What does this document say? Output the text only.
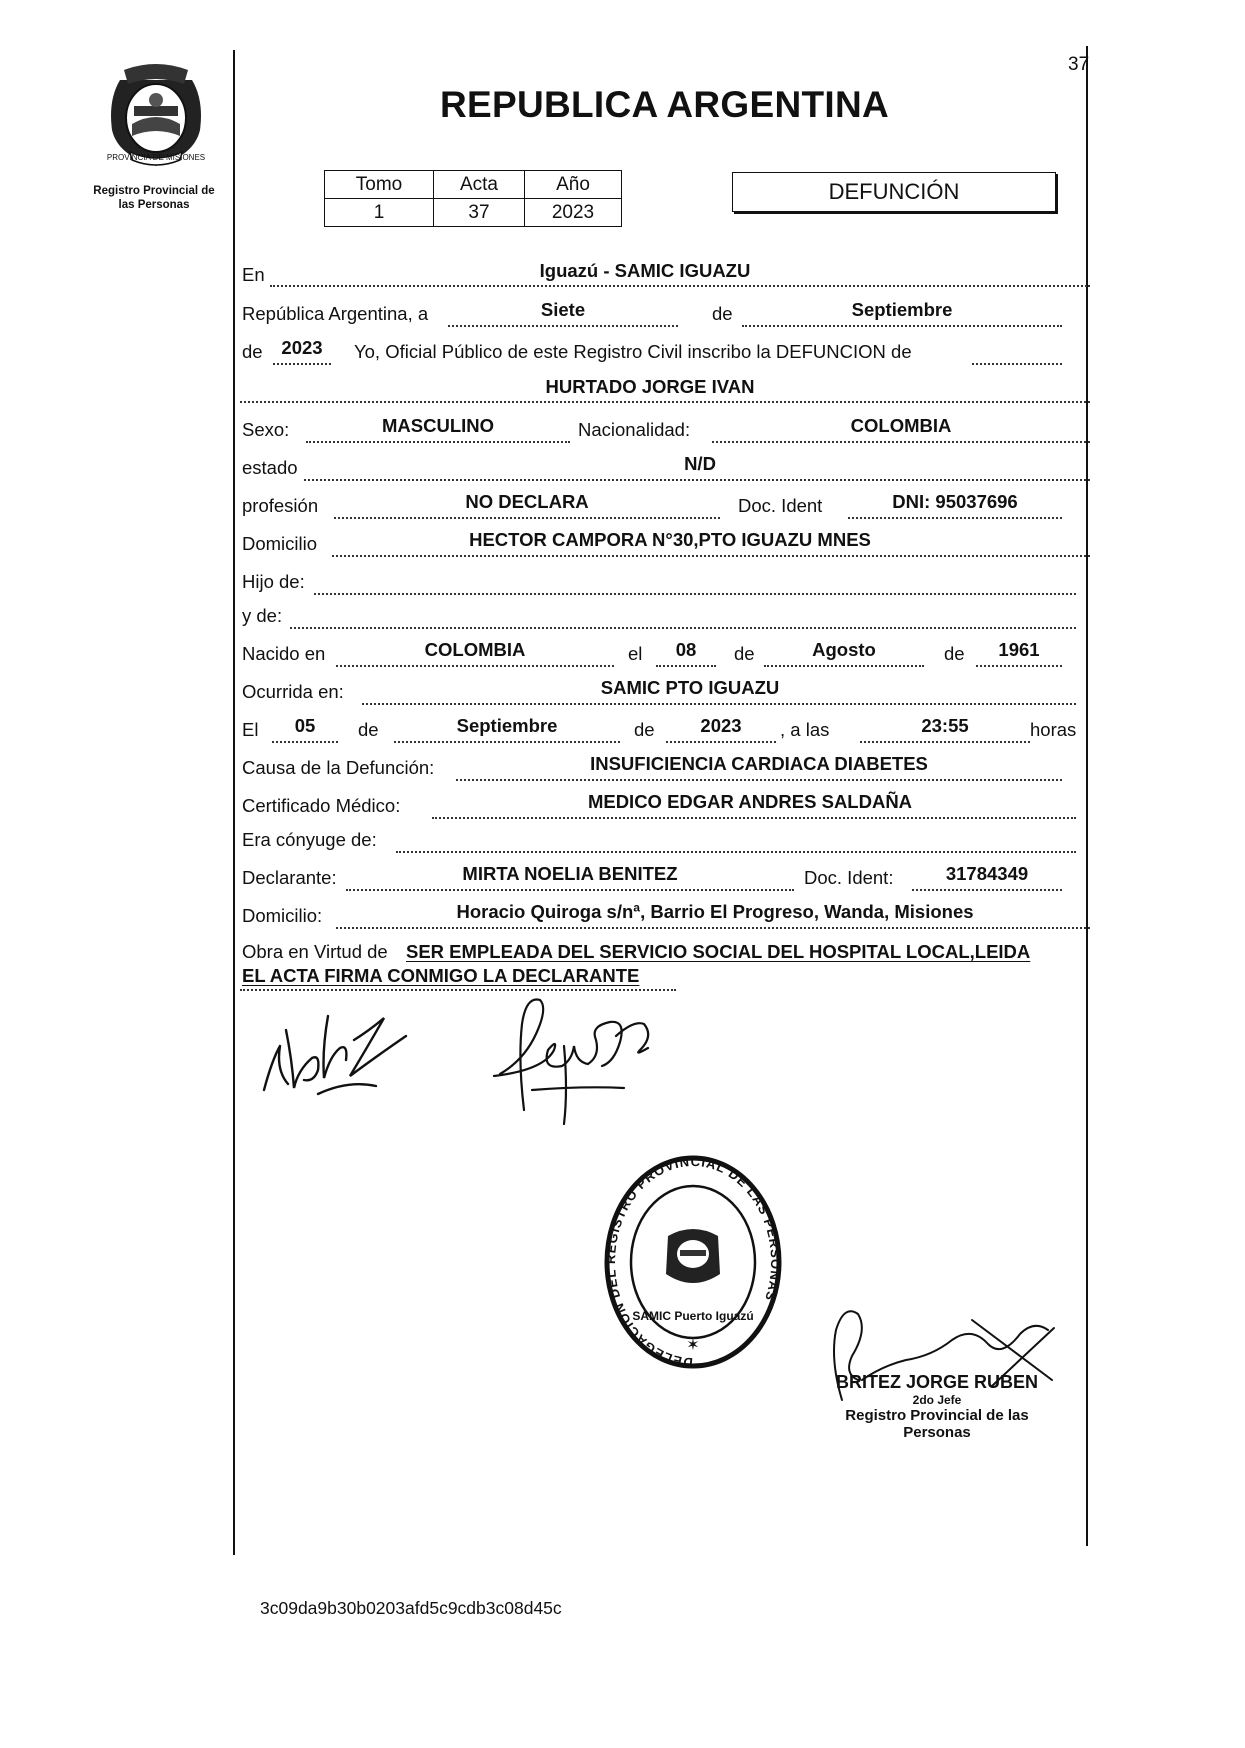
37
PROVINCIA DE MISIONES
Registro Provincial de
las Personas
REPUBLICA ARGENTINA
Tomo	Acta	Año
1	37	2023
DEFUNCIÓN
En	Iguazú - SAMIC IGUAZU
República Argentina, a	Siete	de	Septiembre
de	2023	Yo, Oficial Público de este Registro Civil inscribo la DEFUNCION de
HURTADO JORGE IVAN
Sexo:	MASCULINO	Nacionalidad:	COLOMBIA
estado	N/D
profesión	NO DECLARA	Doc. Ident	DNI: 95037696
Domicilio	HECTOR CAMPORA N°30,PTO IGUAZU MNES
Hijo de:
y de:
Nacido en	COLOMBIA	el	08	de	Agosto	de	1961
Ocurrida en:	SAMIC PTO IGUAZU
El	05	de	Septiembre	de	2023	, a las	23:55	horas
Causa de la Defunción:	INSUFICIENCIA CARDIACA DIABETES
Certificado Médico:	MEDICO EDGAR ANDRES SALDAÑA
Era cónyuge de:
Declarante:	MIRTA NOELIA BENITEZ	Doc. Ident:	31784349
Domicilio:	Horacio Quiroga s/nª, Barrio El Progreso, Wanda, Misiones
Obra en Virtud de SER EMPLEADA DEL SERVICIO SOCIAL DEL HOSPITAL LOCAL,LEIDA
EL ACTA FIRMA CONMIGO LA DECLARANTE
DELEGACION DEL REGISTRO PROVINCIAL DE LAS PERSONAS
SAMIC Puerto Iguazú
✶
BRITEZ JORGE RUBEN
2do Jefe
Registro Provincial de las Personas
3c09da9b30b0203afd5c9cdb3c08d45c
